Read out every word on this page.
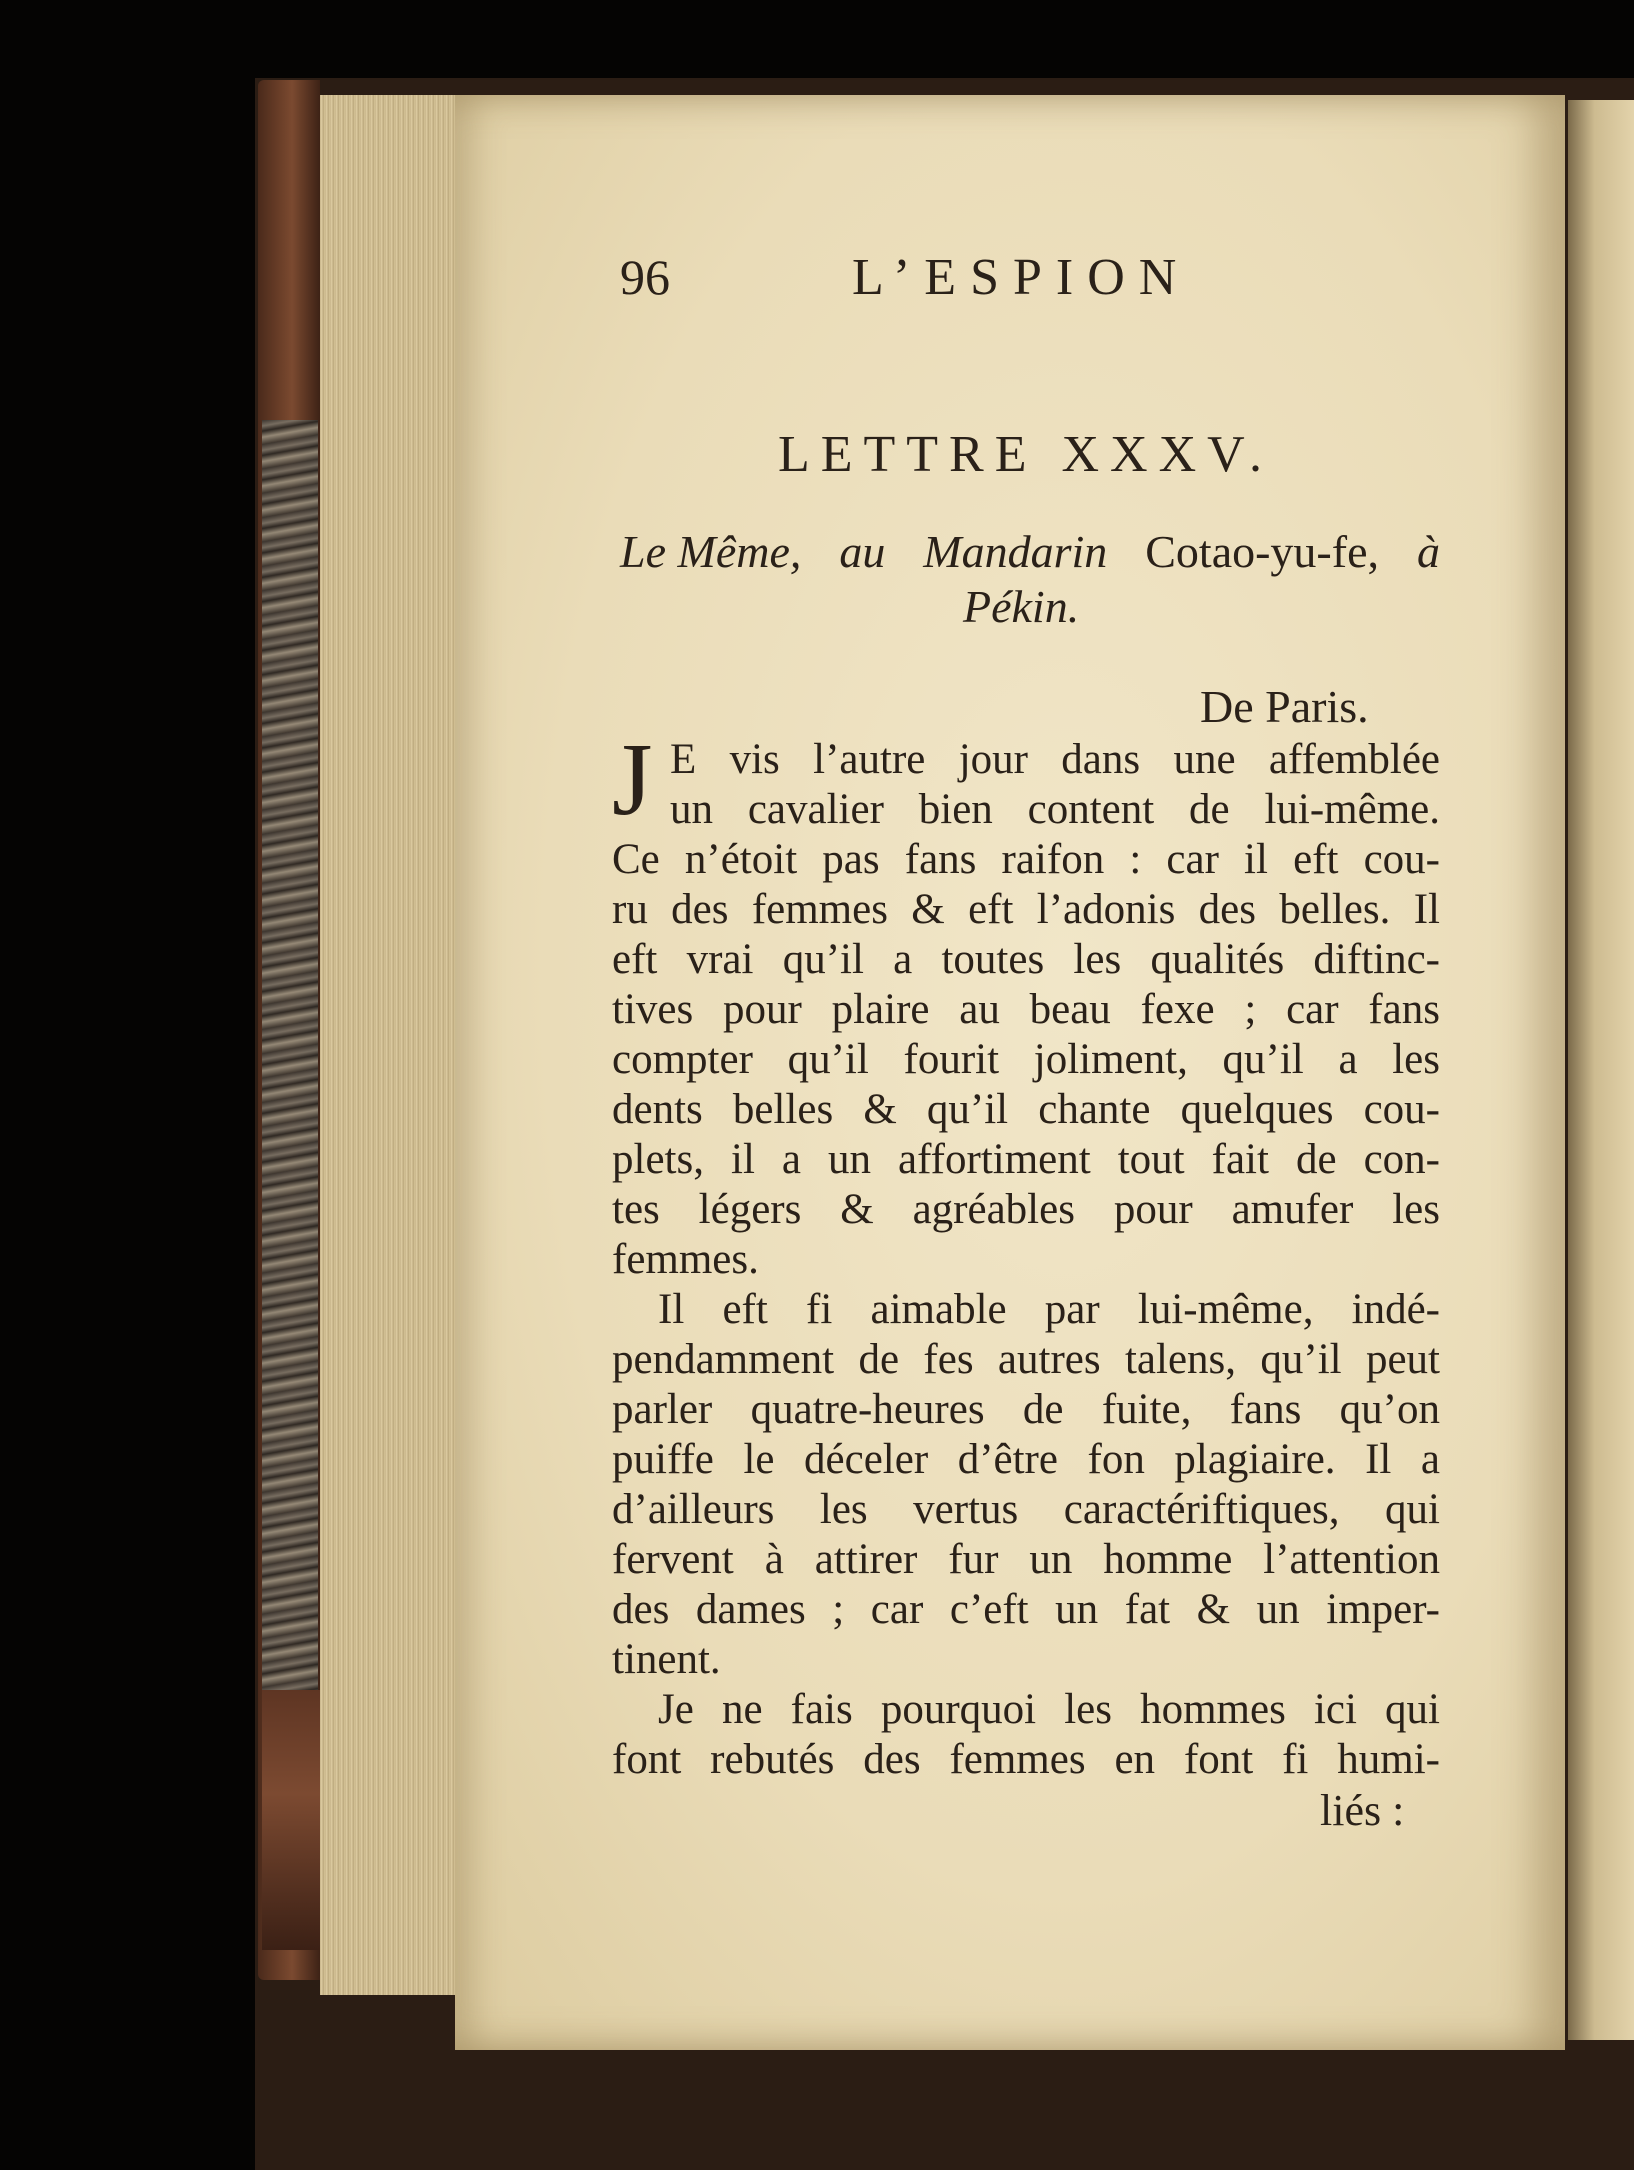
96	L’ESPION
LETTRE XXXV.
Le Même, au Mandarin Cotao-yu-fe, à
Pékin.
De Paris.
J E vis l’autre jour dans une affemblée
un cavalier bien content de lui-même.
Ce n’étoit pas fans raifon : car il eft cou-
ru des femmes & eft l’adonis des belles. Il
eft vrai qu’il a toutes les qualités diftinc-
tives pour plaire au beau fexe ; car fans
compter qu’il fourit joliment, qu’il a les
dents belles & qu’il chante quelques cou-
plets, il a un affortiment tout fait de con-
tes légers & agréables pour amufer les
femmes.
Il eft fi aimable par lui-même, indé-
pendamment de fes autres talens, qu’il peut
parler quatre-heures de fuite, fans qu’on
puiffe le déceler d’être fon plagiaire. Il a
d’ailleurs les vertus caractériftiques, qui
fervent à attirer fur un homme l’attention
des dames ; car c’eft un fat & un imper-
tinent.
Je ne fais pourquoi les hommes ici qui
font rebutés des femmes en font fi humi-
liés :
